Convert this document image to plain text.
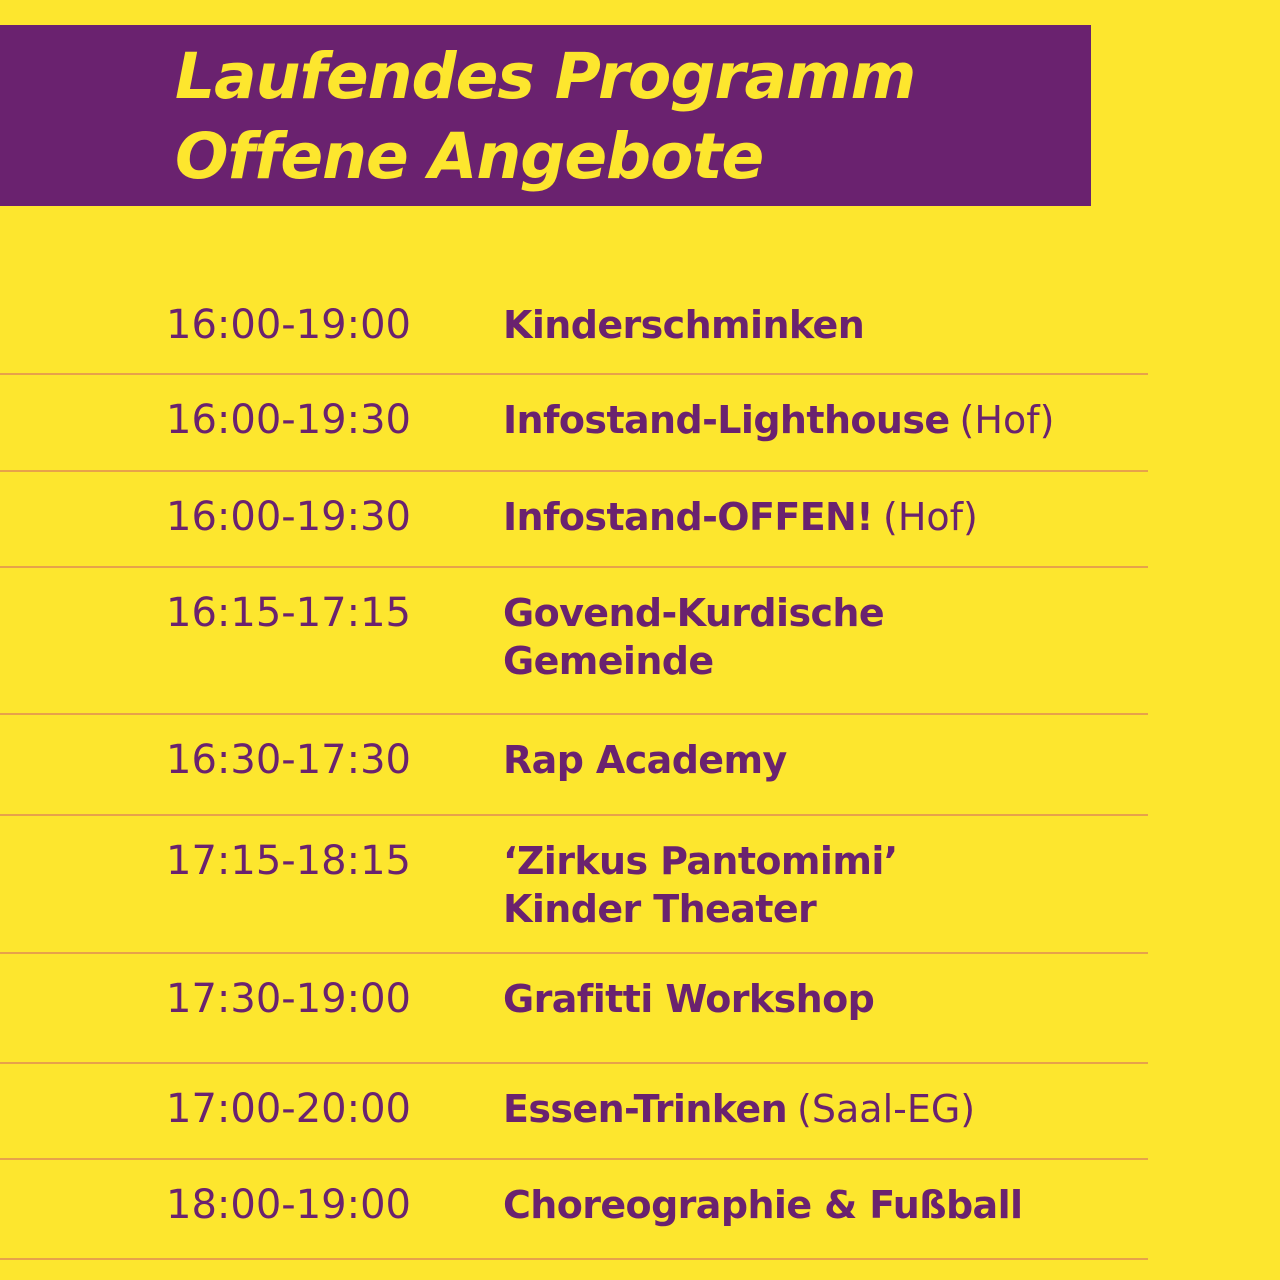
Laufendes Programm
Offene Angebote
16:00-19:00 Kinderschminken
16:00-19:30 Infostand-Lighthouse (Hof)
16:00-19:30 Infostand-OFFEN! (Hof)
16:15-17:15 Govend-Kurdische
Gemeinde
16:30-17:30 Rap Academy
17:15-18:15 ‘Zirkus Pantomimi’
Kinder Theater
17:30-19:00 Grafitti Workshop
17:00-20:00 Essen-Trinken (Saal-EG)
18:00-19:00 Choreographie & Fußball
